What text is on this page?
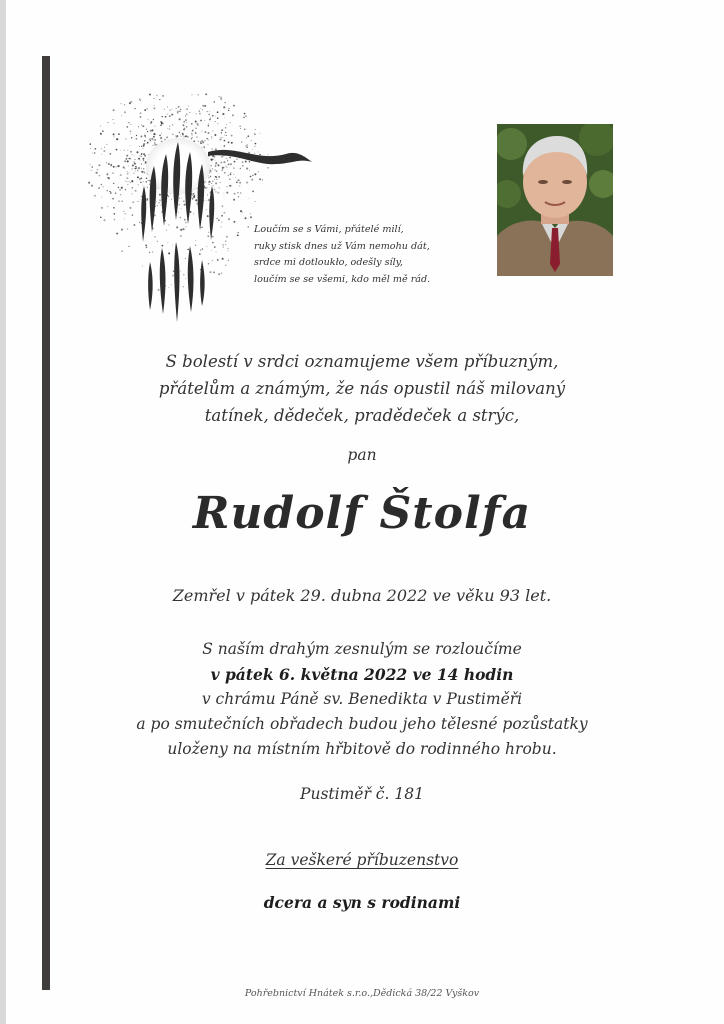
Loučím se s Vámi, přátelé milí,
ruky stisk dnes už Vám nemohu dát,
srdce mi dotloukło, odešly síly,
loučím se se všemi, kdo měl mě rád.
S bolestí v srdci oznamujeme všem příbuzným,
přátelům a známým, že nás opustil náš milovaný
tatínek, dědeček, pradědeček a strýc,
pan
Rudolf Štolfa
Zemřel v pátek 29. dubna 2022 ve věku 93 let.
S naším drahým zesnulým se rozloučíme
v pátek 6. května 2022 ve 14 hodin
v chrámu Páně sv. Benedikta v Pustiměři
a po smutečních obřadech budou jeho tělesné pozůstatky
uloženy na místním hřbitově do rodinného hrobu.
Pustiměř č. 181
Za veškeré příbuzenstvo
dcera a syn s rodinami
Pohřebnictví Hnátek s.r.o.,Dědická 38/22 Vyškov
